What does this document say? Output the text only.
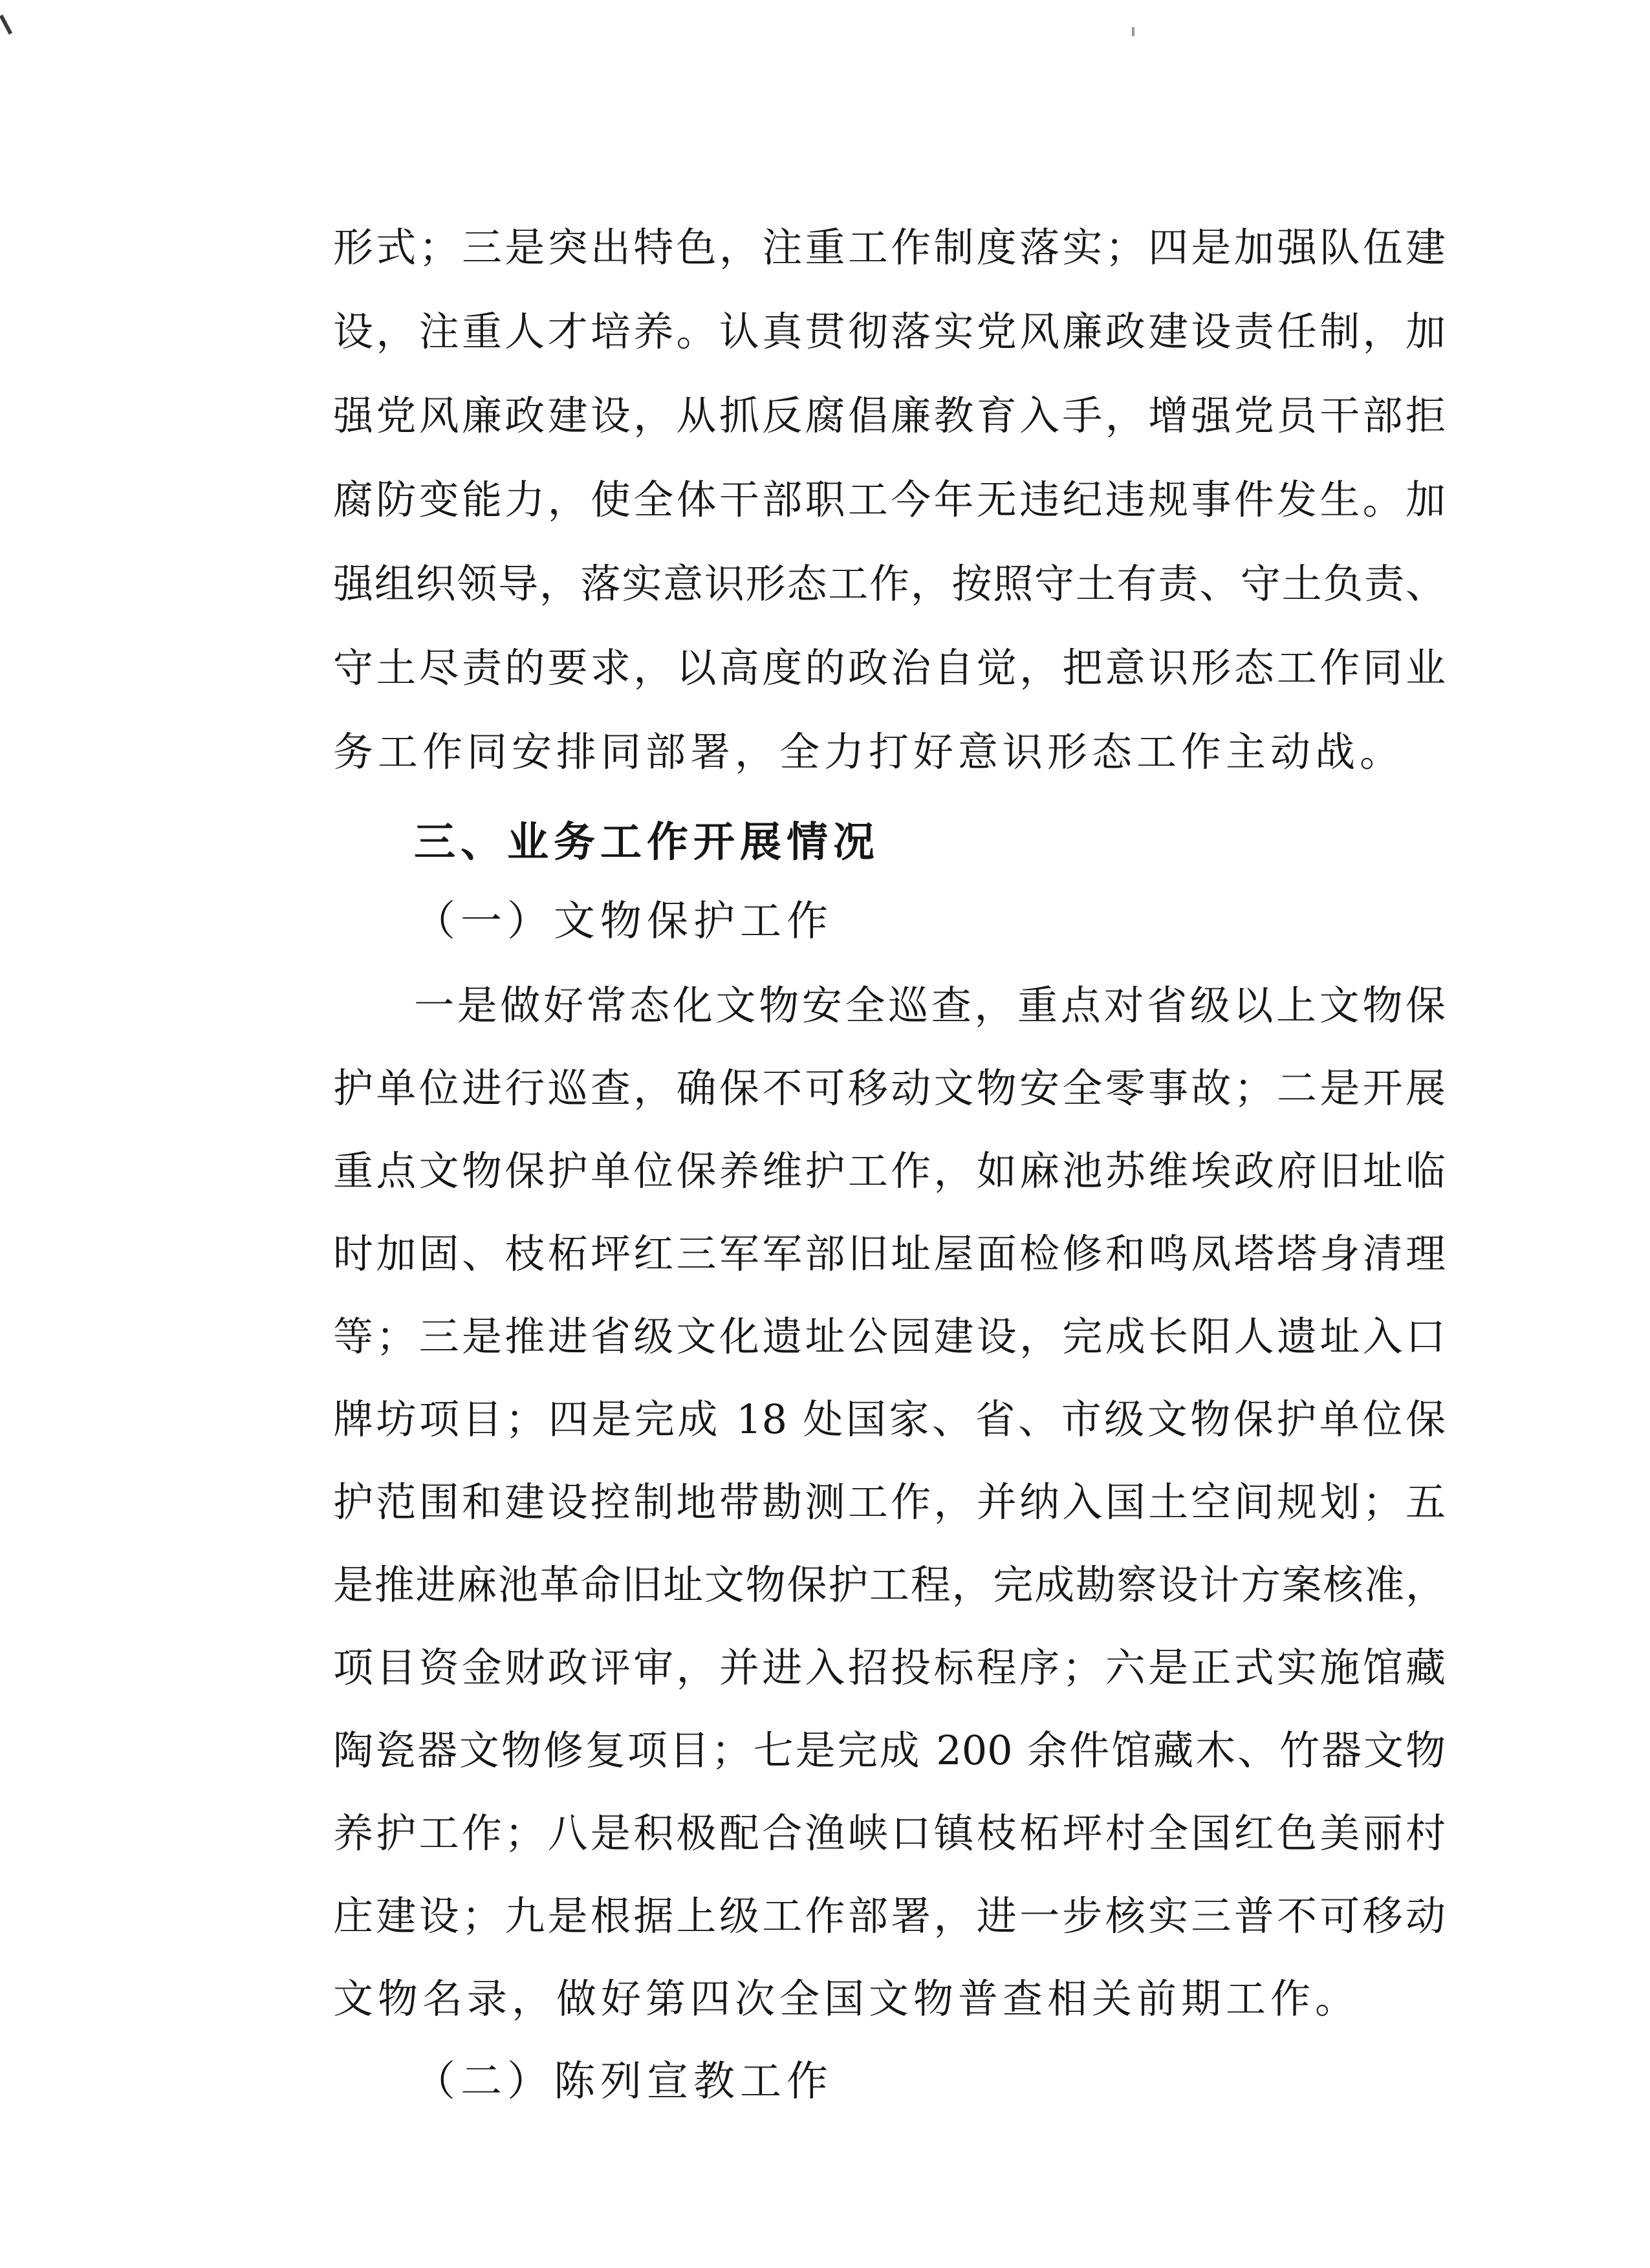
形式；三是突出特色，注重工作制度落实；四是加强队伍建
设，注重人才培养。认真贯彻落实党风廉政建设责任制，加
强党风廉政建设，从抓反腐倡廉教育入手，增强党员干部拒
腐防变能力，使全体干部职工今年无违纪违规事件发生。加
强组织领导，落实意识形态工作，按照守土有责、守土负责、
守土尽责的要求，以高度的政治自觉，把意识形态工作同业
务工作同安排同部署，全力打好意识形态工作主动战。
三、业务工作开展情况
（一）文物保护工作
一是做好常态化文物安全巡查，重点对省级以上文物保
护单位进行巡查，确保不可移动文物安全零事故；二是开展
重点文物保护单位保养维护工作，如麻池苏维埃政府旧址临
时加固、枝柘坪红三军军部旧址屋面检修和鸣凤塔塔身清理
等；三是推进省级文化遗址公园建设，完成长阳人遗址入口
牌坊项目；四是完成 18 处国家、省、市级文物保护单位保
护范围和建设控制地带勘测工作，并纳入国土空间规划；五
是推进麻池革命旧址文物保护工程，完成勘察设计方案核准，
项目资金财政评审，并进入招投标程序；六是正式实施馆藏
陶瓷器文物修复项目；七是完成 200 余件馆藏木、竹器文物
养护工作；八是积极配合渔峡口镇枝柘坪村全国红色美丽村
庄建设；九是根据上级工作部署，进一步核实三普不可移动
文物名录，做好第四次全国文物普查相关前期工作。
（二）陈列宣教工作
